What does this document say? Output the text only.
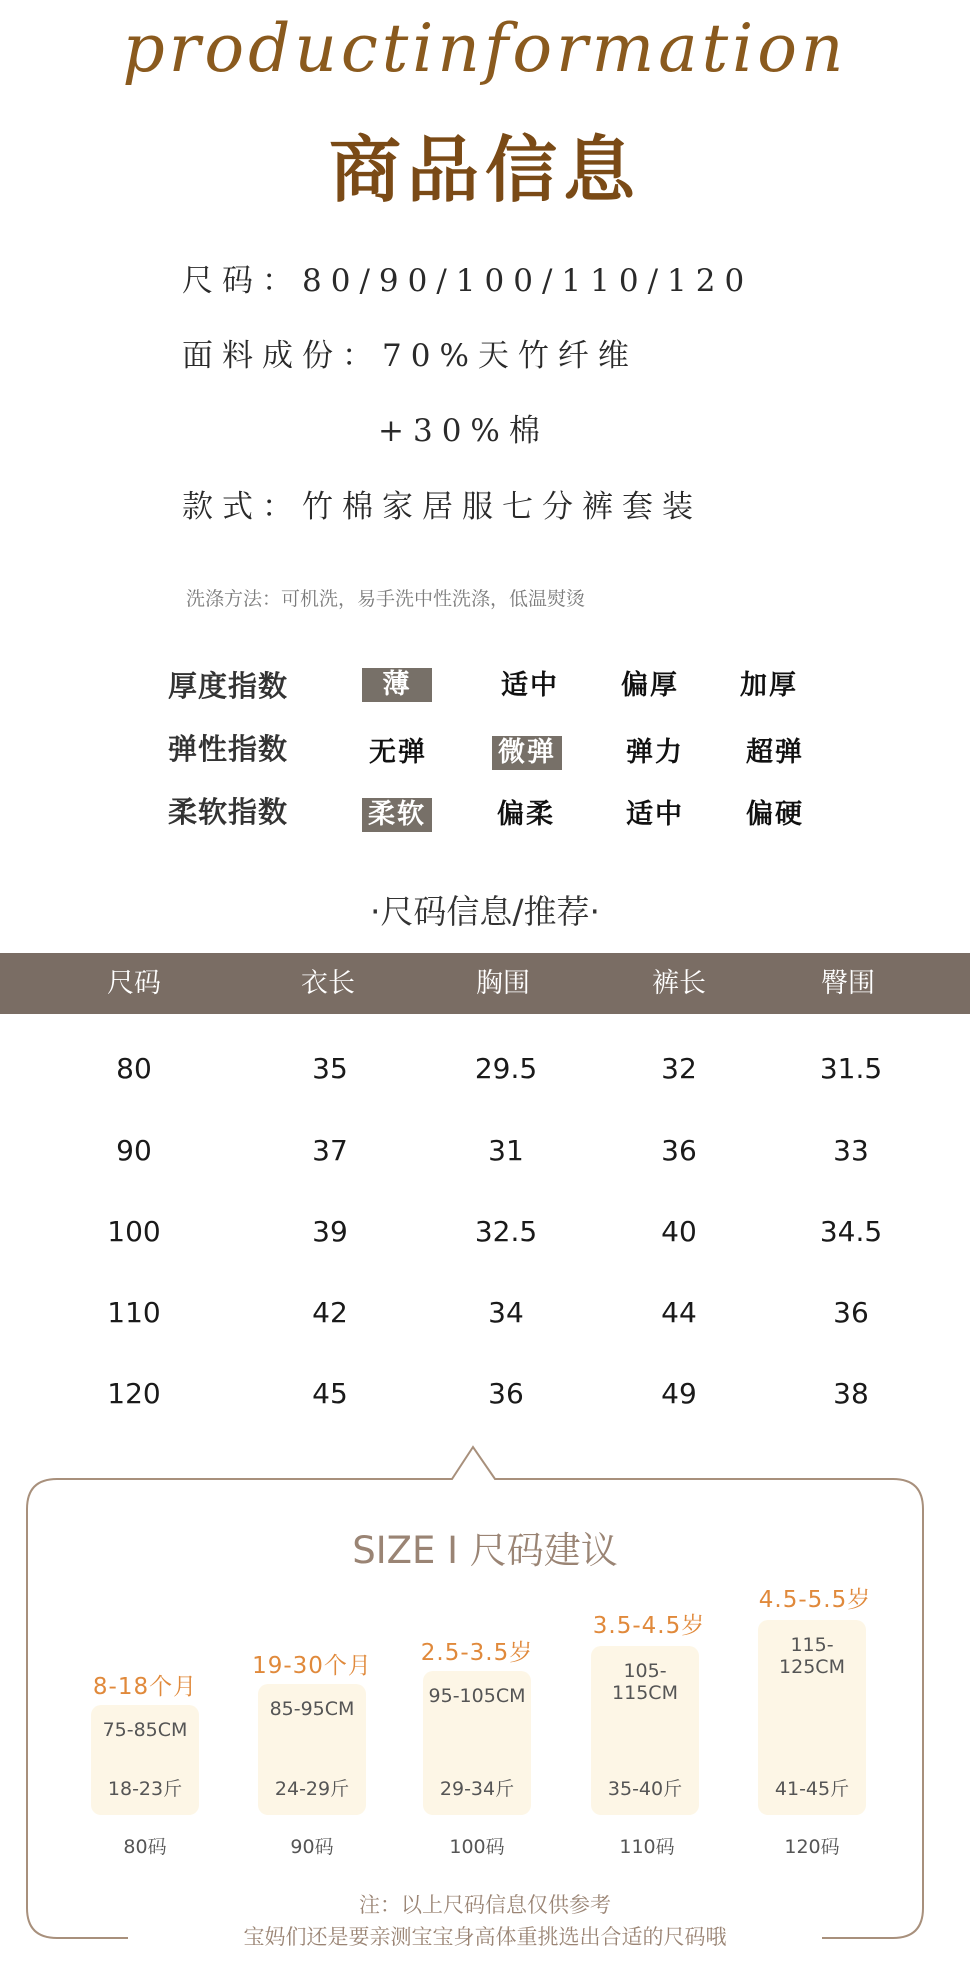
productinformation
商品信息
尺码：80/90/100/110/120
面料成份：70%天竹纤维
+30%棉
款式：竹棉家居服七分裤套装
洗涤方法：可机洗，易手洗中性洗涤，低温熨烫
厚度指数	薄	适中	偏厚	加厚
弹性指数	无弹	微弹	弹力	超弹
柔软指数	柔软	偏柔	适中	偏硬
·尺码信息/推荐·
尺码	衣长	胸围	裤长	臀围
80	35	29.5	32	31.5
90	37	31	36	33
100	39	32.5	40	34.5
110	42	34	44	36
120	45	36	49	38
SIZE I 尺码建议
8-18个月
75-85CM
18-23斤
80码
19-30个月
85-95CM
24-29斤
90码
2.5-3.5岁
95-105CM
29-34斤
100码
3.5-4.5岁
105-115CM
35-40斤
110码
4.5-5.5岁
115-125CM
41-45斤
120码
注：以上尺码信息仅供参考
宝妈们还是要亲测宝宝身高体重挑选出合适的尺码哦
